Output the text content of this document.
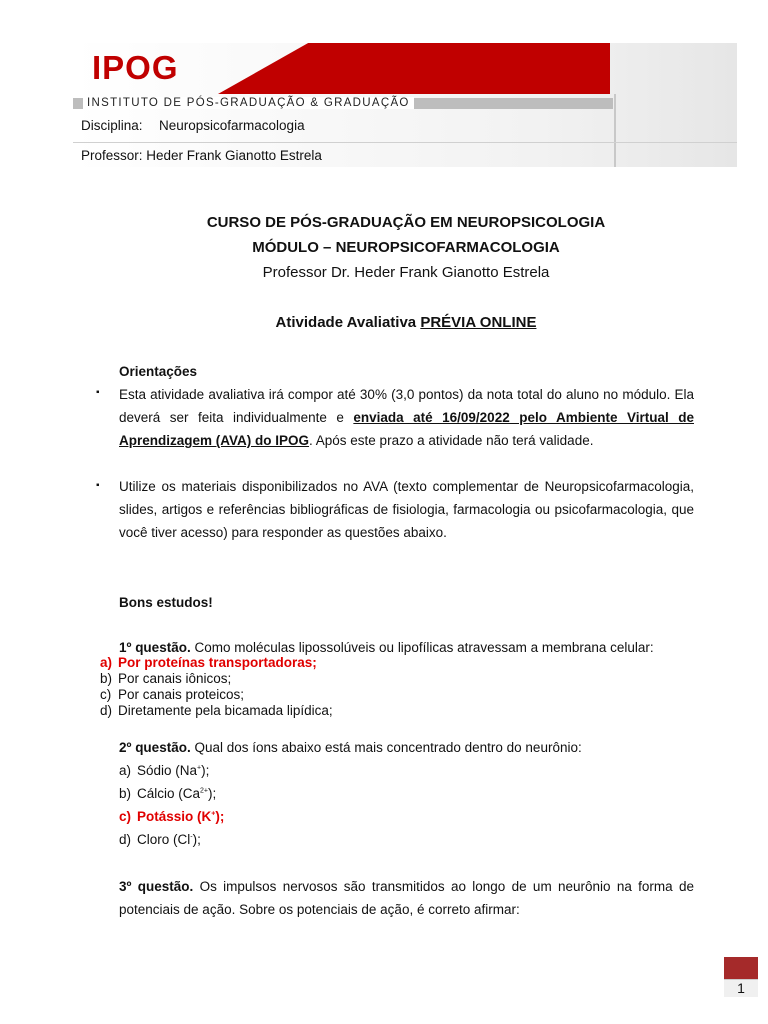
IPOG
INSTITUTO DE PÓS-GRADUAÇÃO & GRADUAÇÃO
Disciplina: Neuropsicofarmacologia
Professor: Heder Frank Gianotto Estrela
CURSO DE PÓS-GRADUAÇÃO EM NEUROPSICOLOGIA
MÓDULO – NEUROPSICOFARMACOLOGIA
Professor Dr. Heder Frank Gianotto Estrela
Atividade Avaliativa PRÉVIA ONLINE
Orientações
▪ Esta atividade avaliativa irá compor até 30% (3,0 pontos) da nota total do aluno no módulo. Ela deverá ser feita individualmente e enviada até 16/09/2022 pelo Ambiente Virtual de Aprendizagem (AVA) do IPOG. Após este prazo a atividade não terá validade.
▪ Utilize os materiais disponibilizados no AVA (texto complementar de Neuropsicofarmacologia, slides, artigos e referências bibliográficas de fisiologia, farmacologia ou psicofarmacologia, que você tiver acesso) para responder as questões abaixo.
Bons estudos!
1º questão. Como moléculas lipossolúveis ou lipofílicas atravessam a membrana celular:
a) Por proteínas transportadoras;
b) Por canais iônicos;
c) Por canais proteicos;
d) Diretamente pela bicamada lipídica;
2º questão. Qual dos íons abaixo está mais concentrado dentro do neurônio:
a) Sódio (Na+);
b) Cálcio $(Ca^{2+})$;
c) Potássio (K+);
d) Cloro (Cl-);
3º questão. Os impulsos nervosos são transmitidos ao longo de um neurônio na forma de potenciais de ação. Sobre os potenciais de ação, é correto afirmar:
1
